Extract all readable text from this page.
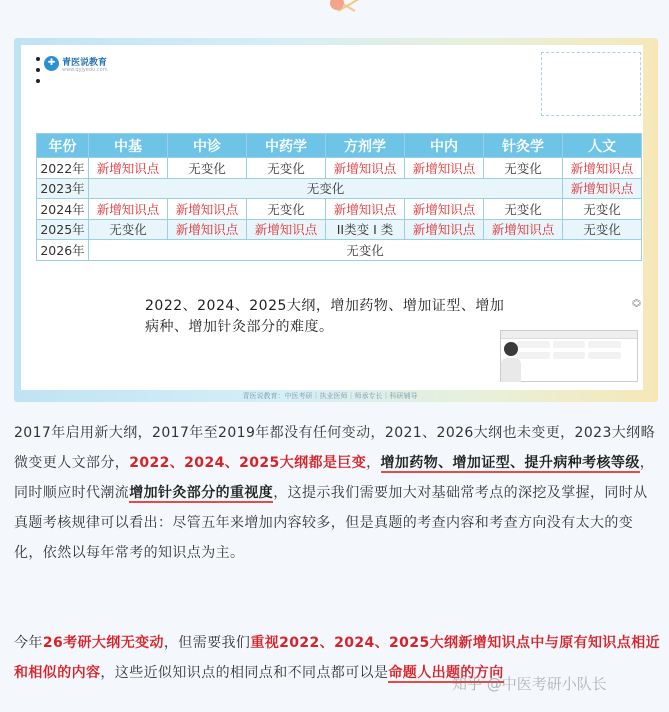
✚ 青医说教育
www.qyjyedu.com
年份	中基	中诊	中药学	方剂学	中内	针灸学	人文
2022年	新增知识点	无变化	无变化	新增知识点	新增知识点	无变化	新增知识点
2023年	无变化						新增知识点
2024年	新增知识点	新增知识点	无变化	新增知识点	新增知识点	无变化	无变化
2025年	无变化	新增知识点	新增知识点	II类变 I 类	新增知识点	新增知识点	无变化
2026年	无变化						
2022、2024、2025大纲，增加药物、增加证型、增加病种、增加针灸部分的难度。
︽
︾
青医说教育：中医考研｜执业医师｜师承专长｜科研辅导
2017年启用新大纲，2017年至2019年都没有任何变动，2021、2026大纲也未变更，2023大纲略微变更人文部分，2022、2024、2025大纲都是巨变，增加药物、增加证型、提升病种考核等级，同时顺应时代潮流增加针灸部分的重视度，这提示我们需要加大对基础常考点的深挖及掌握，同时从真题考核规律可以看出：尽管五年来增加内容较多，但是真题的考查内容和考查方向没有太大的变化，依然以每年常考的知识点为主。
今年26考研大纲无变动，但需要我们重视2022、2024、2025大纲新增知识点中与原有知识点相近和相似的内容，这些近似知识点的相同点和不同点都可以是命题人出题的方向
知乎 @中医考研小队长
